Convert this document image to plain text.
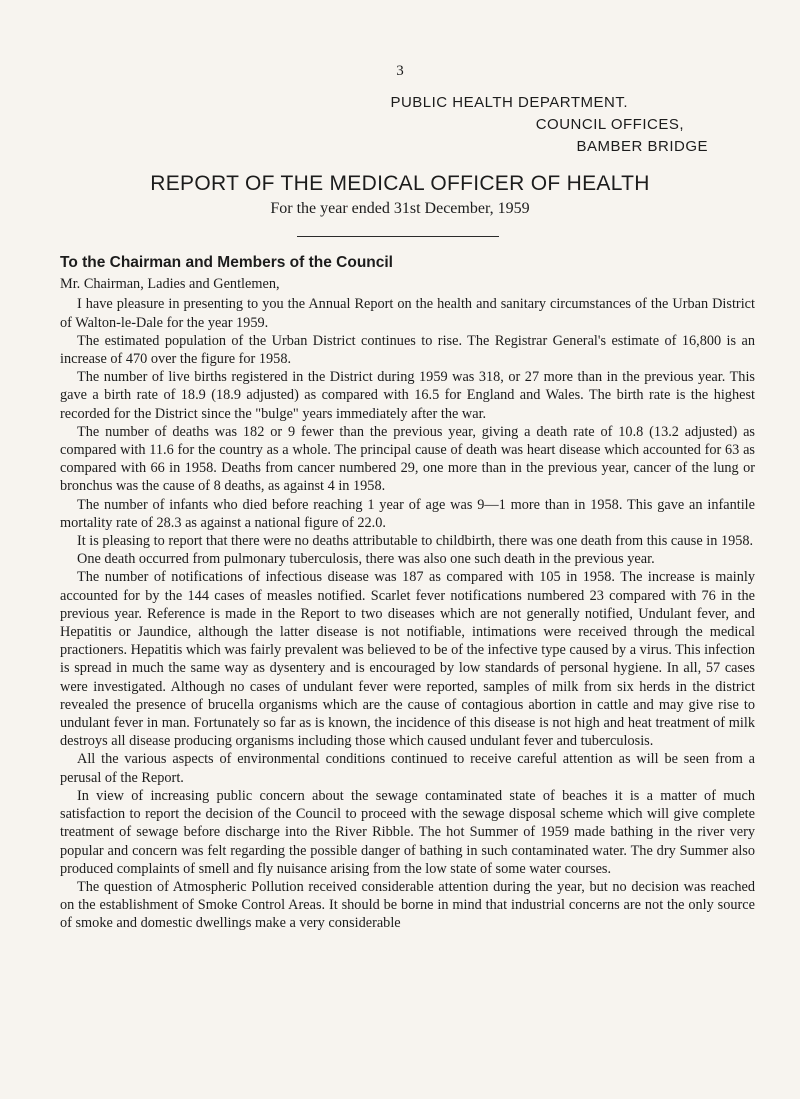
3
PUBLIC HEALTH DEPARTMENT.
COUNCIL OFFICES,
BAMBER BRIDGE
REPORT OF THE MEDICAL OFFICER OF HEALTH
For the year ended 31st December, 1959
To the Chairman and Members of the Council
Mr. Chairman, Ladies and Gentlemen,

I have pleasure in presenting to you the Annual Report on the health and sanitary circumstances of the Urban District of Walton-le-Dale for the year 1959.

The estimated population of the Urban District continues to rise. The Registrar General's estimate of 16,800 is an increase of 470 over the figure for 1958.

The number of live births registered in the District during 1959 was 318, or 27 more than in the previous year. This gave a birth rate of 18.9 (18.9 adjusted) as compared with 16.5 for England and Wales. The birth rate is the highest recorded for the District since the "bulge" years immediately after the war.

The number of deaths was 182 or 9 fewer than the previous year, giving a death rate of 10.8 (13.2 adjusted) as compared with 11.6 for the country as a whole. The principal cause of death was heart disease which accounted for 63 as compared with 66 in 1958. Deaths from cancer numbered 29, one more than in the previous year, cancer of the lung or bronchus was the cause of 8 deaths, as against 4 in 1958.

The number of infants who died before reaching 1 year of age was 9—1 more than in 1958. This gave an infantile mortality rate of 28.3 as against a national figure of 22.0.

It is pleasing to report that there were no deaths attributable to childbirth, there was one death from this cause in 1958.

One death occurred from pulmonary tuberculosis, there was also one such death in the previous year.

The number of notifications of infectious disease was 187 as compared with 105 in 1958. The increase is mainly accounted for by the 144 cases of measles notified. Scarlet fever notifications numbered 23 compared with 76 in the previous year. Reference is made in the Report to two diseases which are not generally notified, Undulant fever, and Hepatitis or Jaundice, although the latter disease is not notifiable, intimations were received through the medical practioners. Hepatitis which was fairly prevalent was believed to be of the infective type caused by a virus. This infection is spread in much the same way as dysentery and is encouraged by low standards of personal hygiene. In all, 57 cases were investigated. Although no cases of undulant fever were reported, samples of milk from six herds in the district revealed the presence of brucella organisms which are the cause of contagious abortion in cattle and may give rise to undulant fever in man. Fortunately so far as is known, the incidence of this disease is not high and heat treatment of milk destroys all disease producing organisms including those which caused undulant fever and tuberculosis.

All the various aspects of environmental conditions continued to receive careful attention as will be seen from a perusal of the Report.

In view of increasing public concern about the sewage contaminated state of beaches it is a matter of much satisfaction to report the decision of the Council to proceed with the sewage disposal scheme which will give complete treatment of sewage before discharge into the River Ribble. The hot Summer of 1959 made bathing in the river very popular and concern was felt regarding the possible danger of bathing in such contaminated water. The dry Summer also produced complaints of smell and fly nuisance arising from the low state of some water courses.

The question of Atmospheric Pollution received considerable attention during the year, but no decision was reached on the establishment of Smoke Control Areas. It should be borne in mind that industrial concerns are not the only source of smoke and domestic dwellings make a very considerable
